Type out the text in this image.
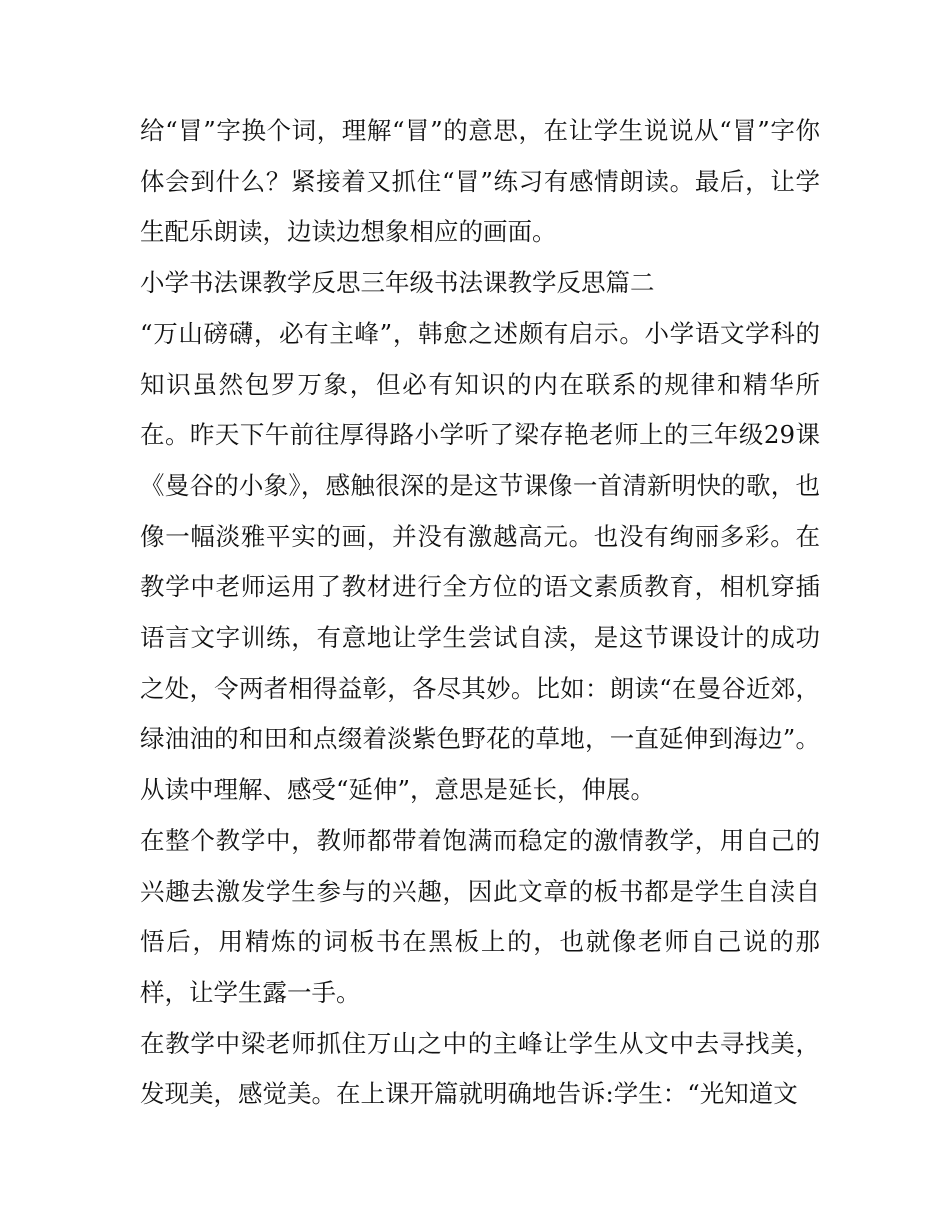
给“冒”字换个词，理解“冒”的意思，在让学生说说从“冒”字你体会到什么？紧接着又抓住“冒”练习有感情朗读。最后，让学生配乐朗读，边读边想象相应的画面。

小学书法课教学反思三年级书法课教学反思篇二

“万山磅礴，必有主峰”，韩愈之述颇有启示。小学语文学科的知识虽然包罗万象，但必有知识的内在联系的规律和精华所在。昨天下午前往厚得路小学听了梁存艳老师上的三年级29课《曼谷的小象》，感触很深的是这节课像一首清新明快的歌，也像一幅淡雅平实的画，并没有激越高元。也没有绚丽多彩。在教学中老师运用了教材进行全方位的语文素质教育，相机穿插语言文字训练，有意地让学生尝试自渎，是这节课设计的成功之处，令两者相得益彰，各尽其妙。比如：朗读“在曼谷近郊，绿油油的和田和点缀着淡紫色野花的草地，一直延伸到海边”。从读中理解、感受“延伸”，意思是延长，伸展。

在整个教学中，教师都带着饱满而稳定的激情教学，用自己的兴趣去激发学生参与的兴趣，因此文章的板书都是学生自渎自悟后，用精炼的词板书在黑板上的，也就像老师自己说的那样，让学生露一手。

在教学中梁老师抓住万山之中的主峰让学生从文中去寻找美，发现美，感觉美。在上课开篇就明确地告诉:学生：“光知道文
